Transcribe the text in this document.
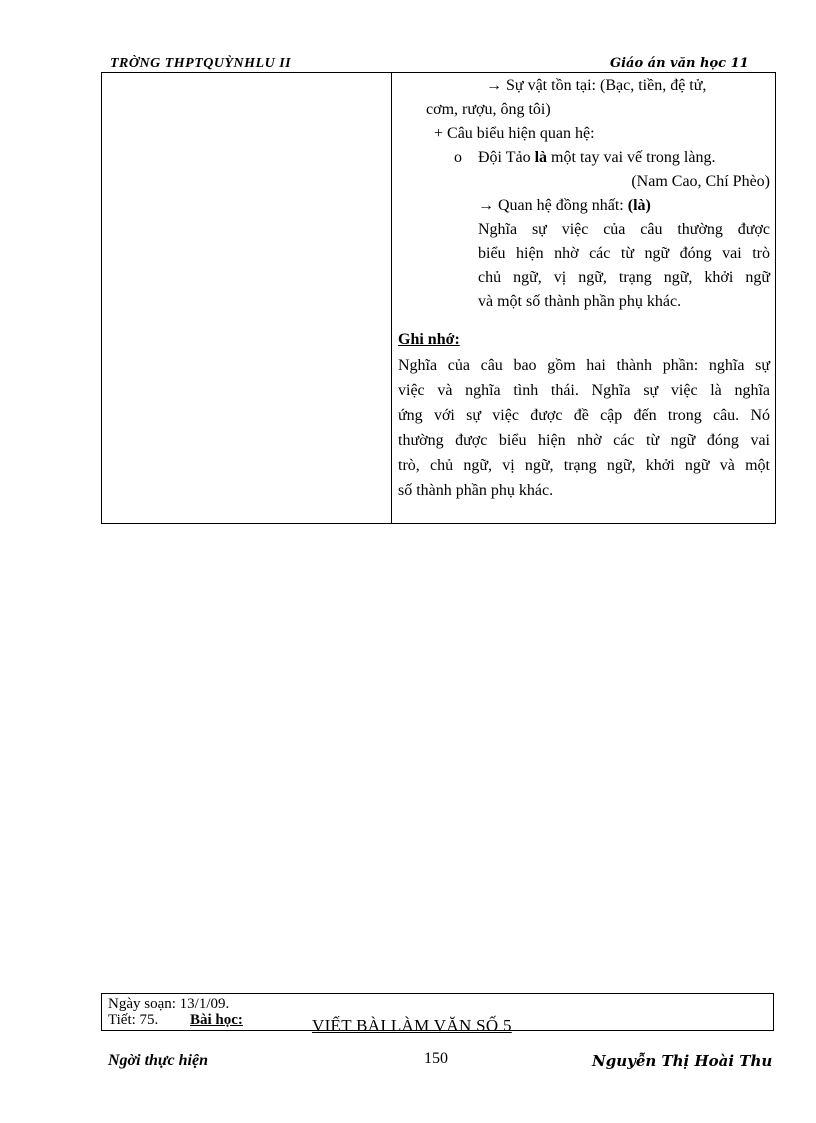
TRỜNG THPTQUỲNHLU II	Giáo án văn học 11
→ Sự vật tồn tại: (Bạc, tiền, đệ tử,
cơm, rượu, ông tôi)
+ Câu biểu hiện quan hệ:
o Đội Tảo là một tay vai vế trong làng.
(Nam Cao, Chí Phèo)
→ Quan hệ đồng nhất: (là)
Nghĩa sự việc của câu thường được
biểu hiện nhờ các từ ngữ đóng vai trò
chủ ngữ, vị ngữ, trạng ngữ, khởi ngữ
và một số thành phần phụ khác.
Ghi nhớ:
Nghĩa của câu bao gồm hai thành phần: nghĩa sự
việc và nghĩa tình thái. Nghĩa sự việc là nghĩa
ứng với sự việc được đề cập đến trong câu. Nó
thường được biểu hiện nhờ các từ ngữ đóng vai
trò, chủ ngữ, vị ngữ, trạng ngữ, khởi ngữ và một
số thành phần phụ khác.
Ngày soạn: 13/1/09.
Tiết: 75. Bài học:	VIẾT BÀI LÀM VĂN SỐ 5
Ngời thực hiện	150	Nguyễn Thị Hoài Thu
